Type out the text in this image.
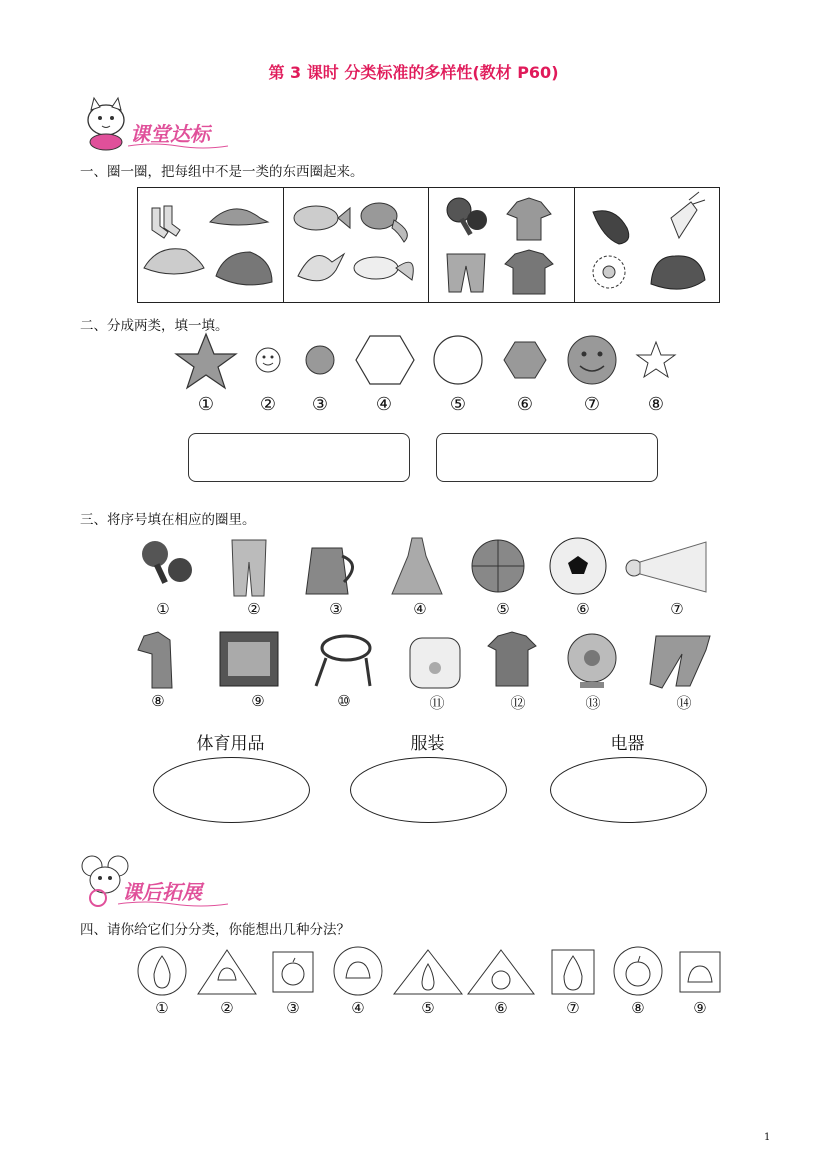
第 3 课时 分类标准的多样性(教材 P60)
课堂达标
一、圈一圈，把每组中不是一类的东西圈起来。
二、分成两类，填一填。
①	②	③	④	⑤	⑥	⑦	⑧
三、将序号填在相应的圈里。
①	②	③	④	⑤	⑥	⑦
⑧	⑨	⑩	⑪	⑫	⑬	⑭
体育用品	服装	电器
课后拓展
四、请你给它们分分类，你能想出几种分法？
①	②	③	④	⑤	⑥	⑦	⑧	⑨
1
